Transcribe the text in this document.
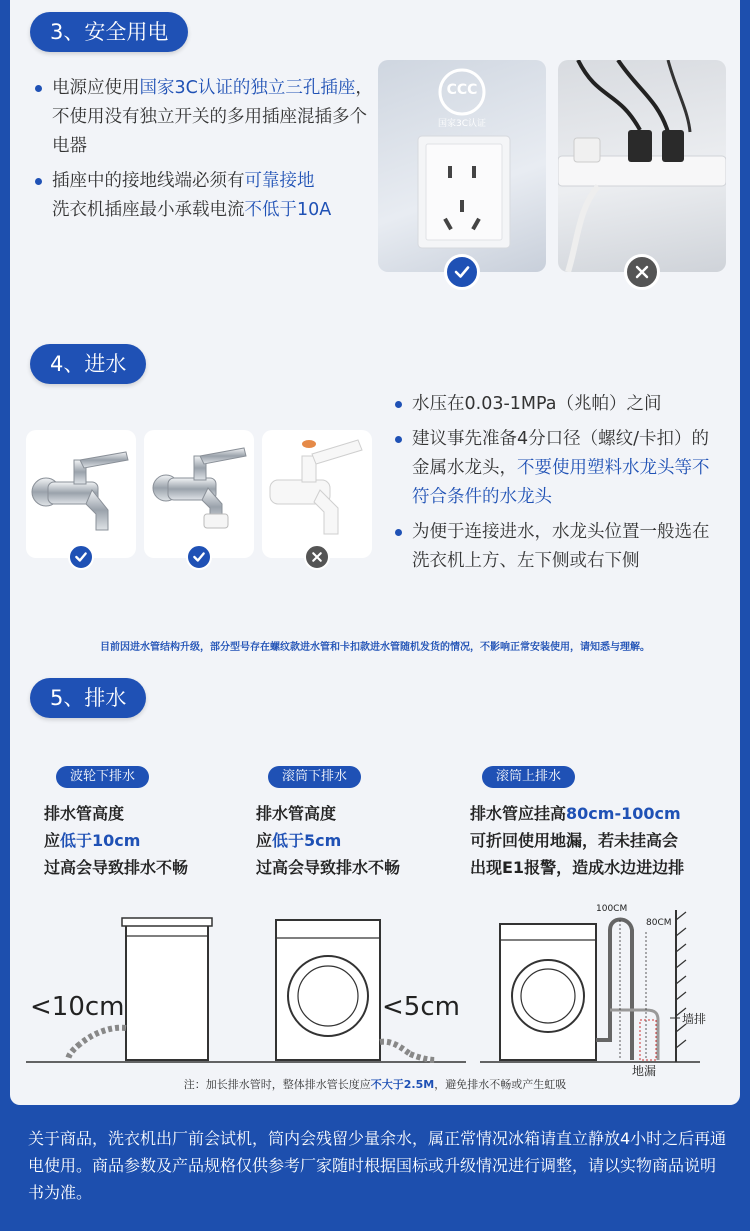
3、安全用电
电源应使用国家3C认证的独立三孔插座，不使用没有独立开关的多用插座混插多个电器
插座中的接地线端必须有可靠接地
洗衣机插座最小承载电流不低于10A
CCC
国家3C认证
4、进水
水压在0.03-1MPa（兆帕）之间
建议事先准备4分口径（螺纹/卡扣）的金属水龙头，不要使用塑料水龙头等不符合条件的水龙头
为便于连接进水，水龙头位置一般选在洗衣机上方、左下侧或右下侧
目前因进水管结构升级，部分型号存在螺纹款进水管和卡扣款进水管随机发货的情况，不影响正常安装使用，请知悉与理解。
5、排水
波轮下排水
排水管高度
应低于10cm
过高会导致排水不畅
滚筒下排水
排水管高度
应低于5cm
过高会导致排水不畅
滚筒上排水
排水管应挂高80cm-100cm
可折回使用地漏，若未挂高会
出现E1报警，造成水边进边排
<10cm	<5cm
100CM
80CM
墙排
地漏
注：加长排水管时，整体排水管长度应不大于2.5M，避免排水不畅或产生虹吸
关于商品，洗衣机出厂前会试机，筒内会残留少量余水，属正常情况冰箱请直立静放4小时之后再通电使用。商品参数及产品规格仅供参考厂家随时根据国标或升级情况进行调整，请以实物商品说明书为准。
